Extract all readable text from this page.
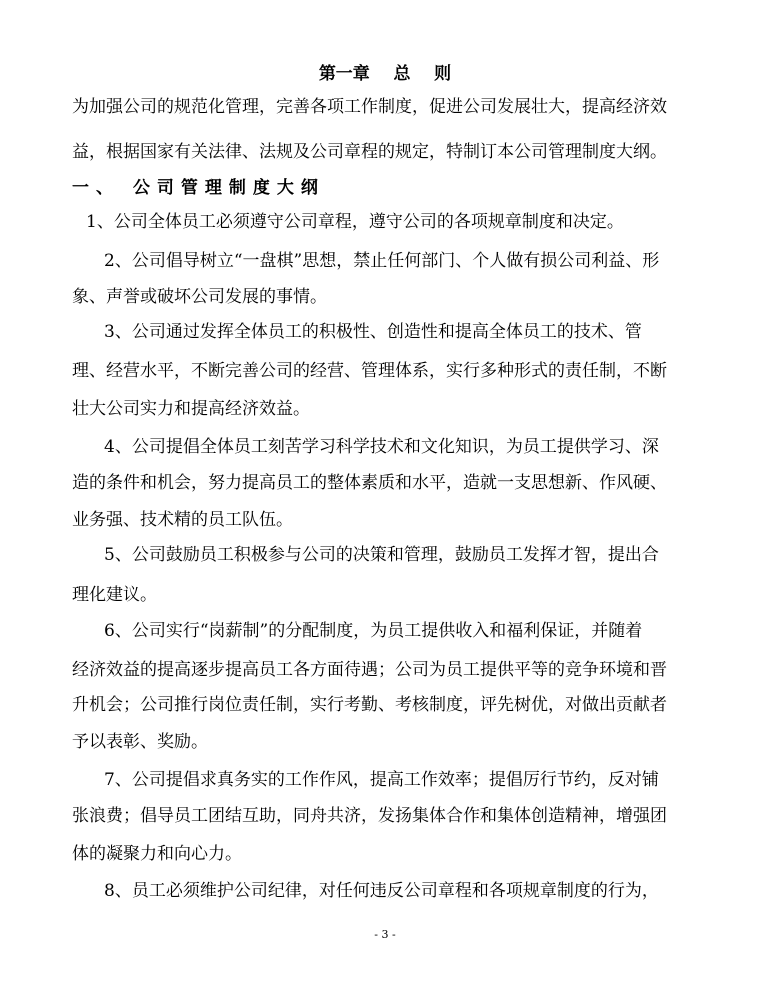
第一章    总    则
为加强公司的规范化管理，完善各项工作制度，促进公司发展壮大，提高经济效
益，根据国家有关法律、法规及公司章程的规定，特制订本公司管理制度大纲。
一、 公司管理制度大纲
1、公司全体员工必须遵守公司章程，遵守公司的各项规章制度和决定。
2、公司倡导树立“一盘棋”思想，禁止任何部门、个人做有损公司利益、形
象、声誉或破坏公司发展的事情。
3、公司通过发挥全体员工的积极性、创造性和提高全体员工的技术、管
理、经营水平，不断完善公司的经营、管理体系，实行多种形式的责任制，不断
壮大公司实力和提高经济效益。
4、公司提倡全体员工刻苦学习科学技术和文化知识，为员工提供学习、深
造的条件和机会，努力提高员工的整体素质和水平，造就一支思想新、作风硬、
业务强、技术精的员工队伍。
5、公司鼓励员工积极参与公司的决策和管理，鼓励员工发挥才智，提出合
理化建议。
6、公司实行“岗薪制”的分配制度，为员工提供收入和福利保证，并随着
经济效益的提高逐步提高员工各方面待遇；公司为员工提供平等的竞争环境和晋
升机会；公司推行岗位责任制，实行考勤、考核制度，评先树优，对做出贡献者
予以表彰、奖励。
7、公司提倡求真务实的工作作风，提高工作效率；提倡厉行节约，反对铺
张浪费；倡导员工团结互助，同舟共济，发扬集体合作和集体创造精神，增强团
体的凝聚力和向心力。
8、员工必须维护公司纪律，对任何违反公司章程和各项规章制度的行为，
- 3 -
